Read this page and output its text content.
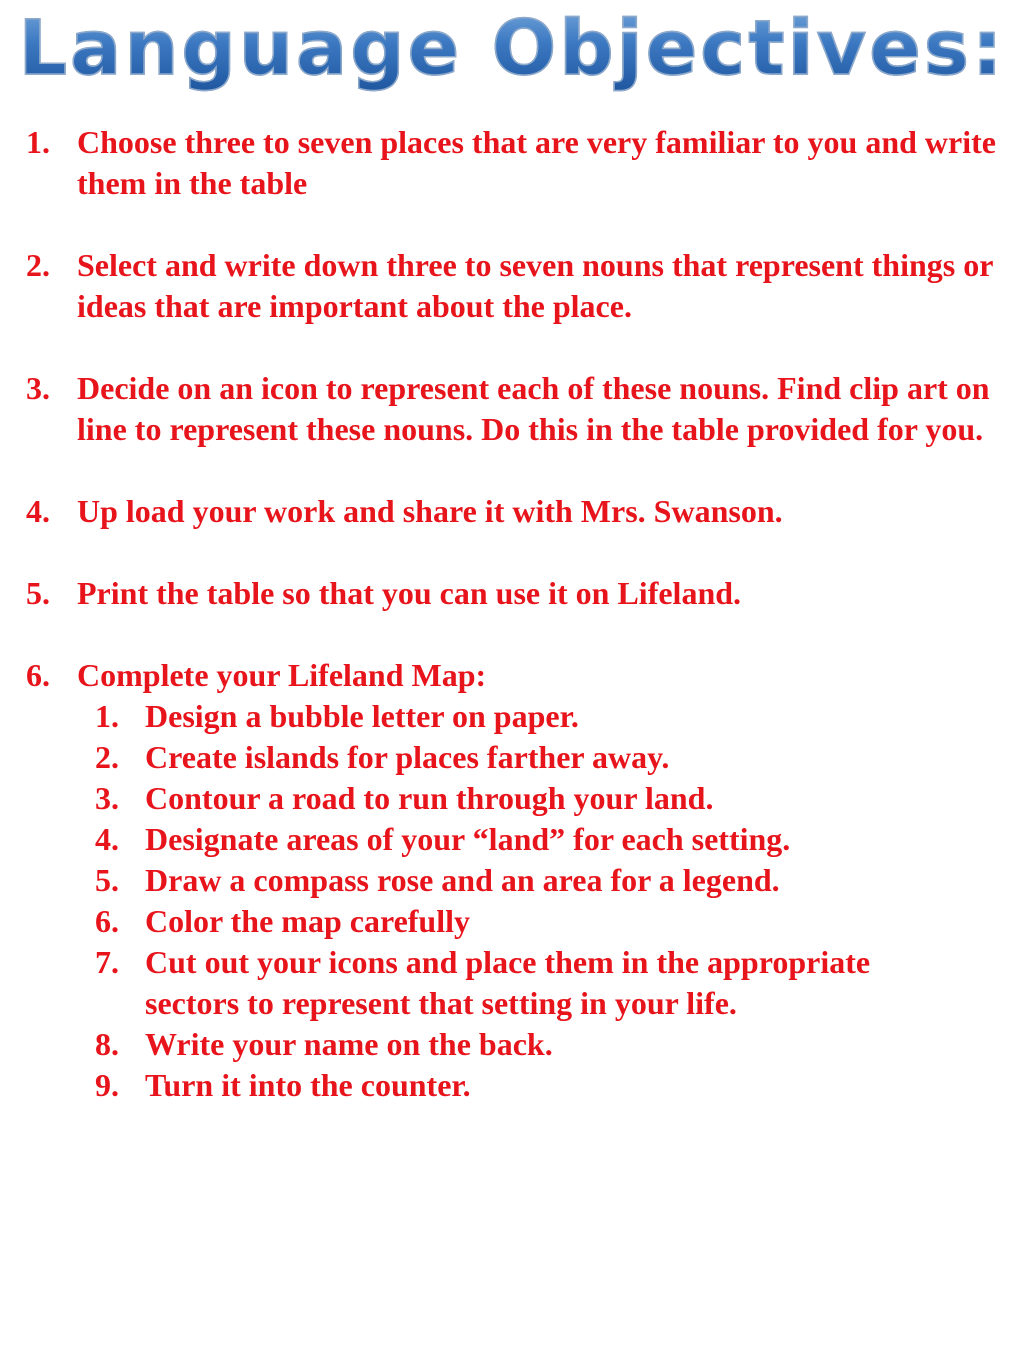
Language Objectives:
1. Choose three to seven places that are very familiar to you and write them in the table
2. Select and write down three to seven nouns that represent things or ideas that are important about the place.
3. Decide on an icon to represent each of these nouns. Find clip art on line to represent these nouns. Do this in the table provided for you.
4. Up load your work and share it with Mrs. Swanson.
5. Print the table so that you can use it on Lifeland.
6. Complete your Lifeland Map:
1. Design a bubble letter on paper.
2. Create islands for places farther away.
3. Contour a road to run through your land.
4. Designate areas of your “land” for each setting.
5. Draw a compass rose and an area for a legend.
6. Color the map carefully
7. Cut out your icons and place them in the appropriate sectors to represent that setting in your life.
8. Write your name on the back.
9. Turn it into the counter.
